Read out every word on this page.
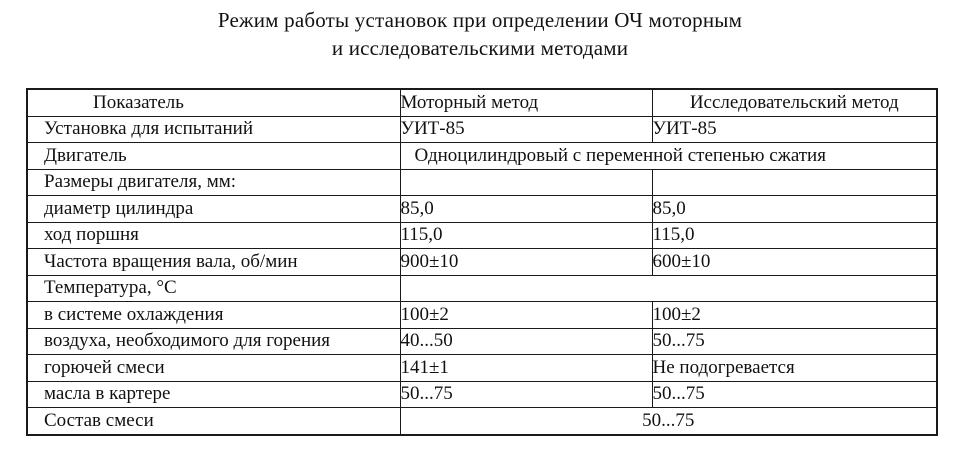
Режим работы установок при определении ОЧ моторным
и исследовательскими методами
Показатель	Моторный метод	Исследовательский метод
Установка для испытаний	УИТ-85	УИТ-85
Двигатель	Одноцилиндровый с переменной степенью сжатия	
Размеры двигателя, мм:		
диаметр цилиндра	85,0	85,0
ход поршня	115,0	115,0
Частота вращения вала, об/мин	900±10	600±10
Температура, °С		
в системе охлаждения	100±2	100±2
воздуха, необходимого для горения	40...50	50...75
горючей смеси	141±1	Не подогревается
масла в картере	50...75	50...75
Состав смеси	50...75	
